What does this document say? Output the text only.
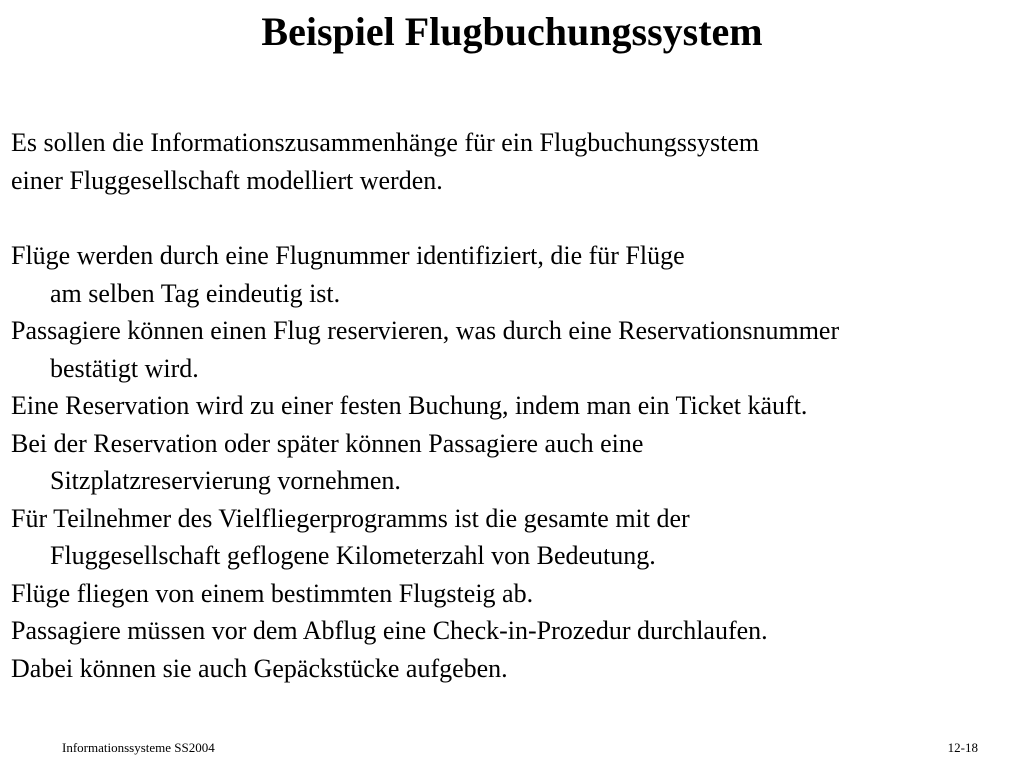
Beispiel Flugbuchungssystem

Es sollen die Informationszusammenhänge für ein Flugbuchungssystem
einer Fluggesellschaft modelliert werden.

Flüge werden durch eine Flugnummer identifiziert, die für Flüge
am selben Tag eindeutig ist.
Passagiere können einen Flug reservieren, was durch eine Reservationsnummer
bestätigt wird.
Eine Reservation wird zu einer festen Buchung, indem man ein Ticket käuft.
Bei der Reservation oder später können Passagiere auch eine
Sitzplatzreservierung vornehmen.
Für Teilnehmer des Vielfliegerprogramms ist die gesamte mit der
Fluggesellschaft geflogene Kilometerzahl von Bedeutung.
Flüge fliegen von einem bestimmten Flugsteig ab.
Passagiere müssen vor dem Abflug eine Check-in-Prozedur durchlaufen.
Dabei können sie auch Gepäckstücke aufgeben.
Informationssysteme SS2004	12-18
